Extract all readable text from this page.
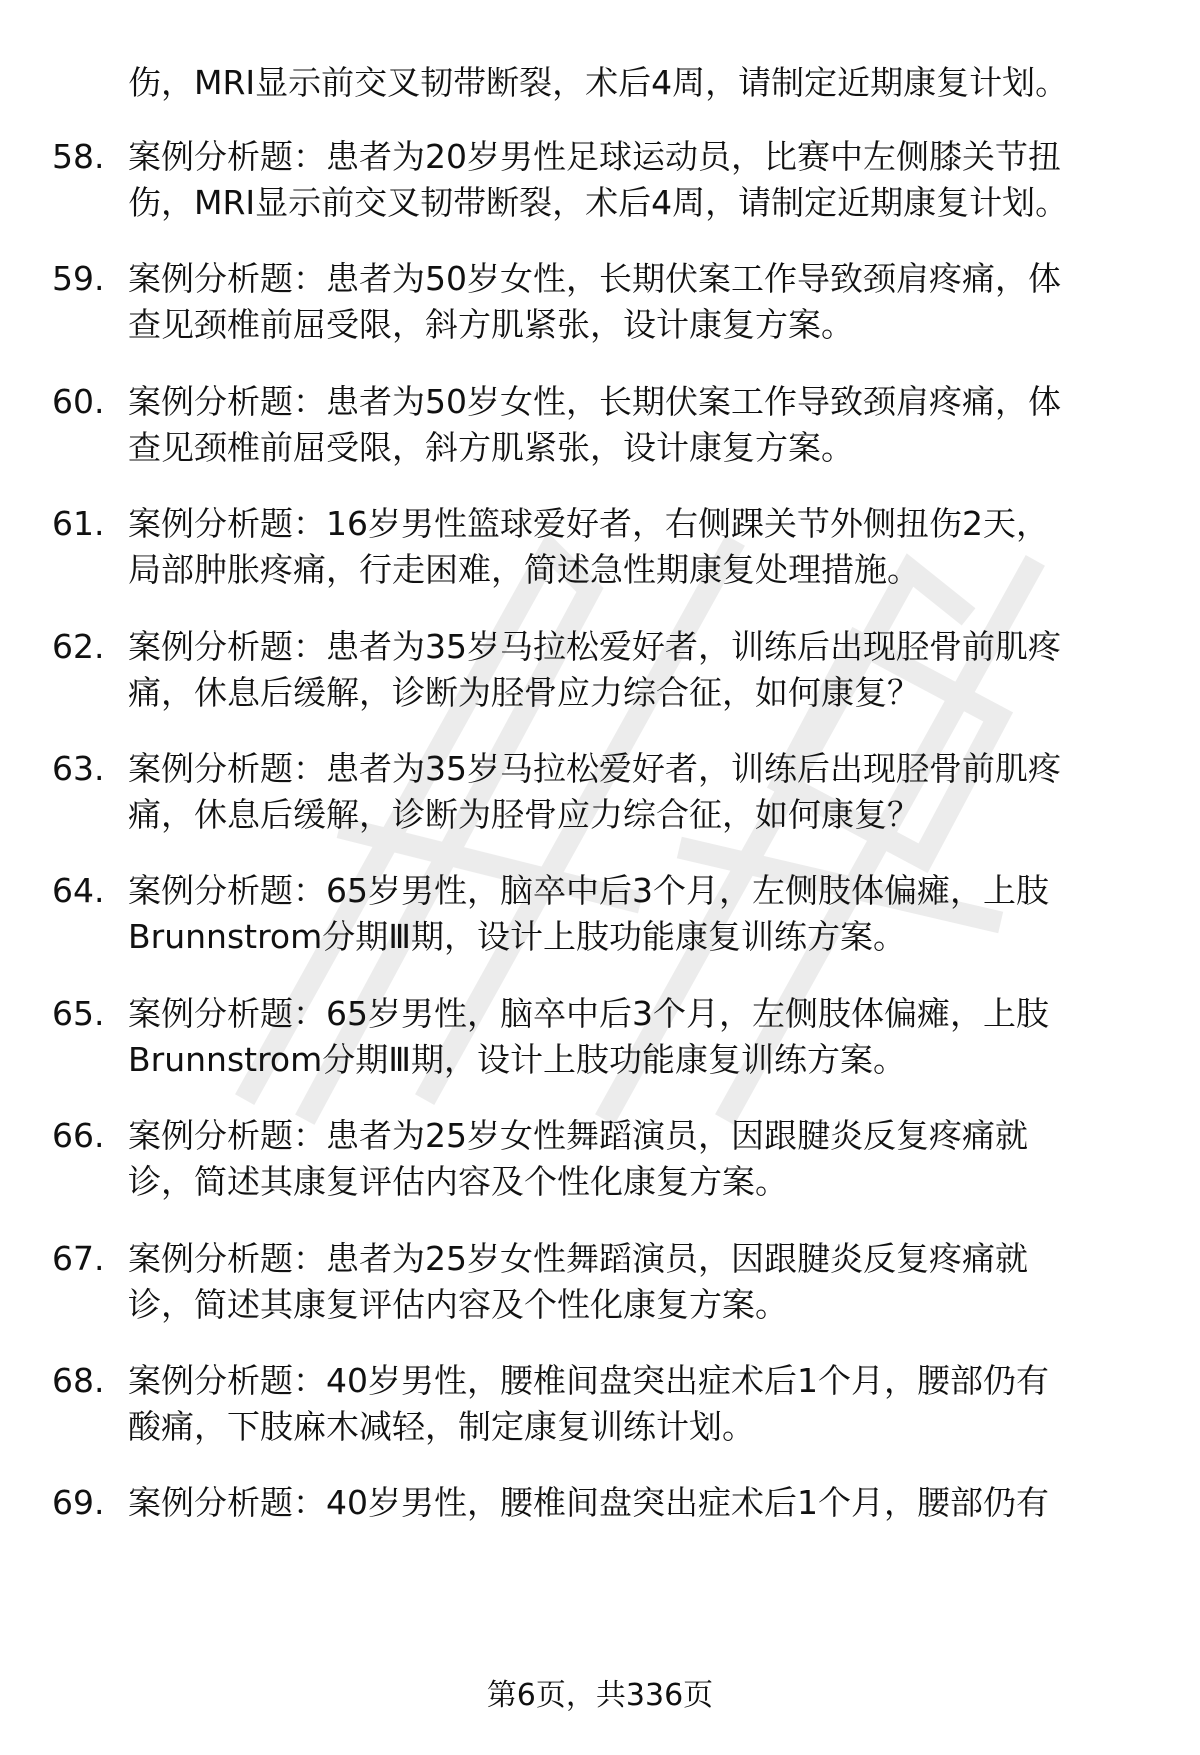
伤，MRI显示前交叉韧带断裂，术后4周，请制定近期康复计划。
58. 案例分析题：患者为20岁男性足球运动员，比赛中左侧膝关节扭
伤，MRI显示前交叉韧带断裂，术后4周，请制定近期康复计划。
59. 案例分析题：患者为50岁女性，长期伏案工作导致颈肩疼痛，体
查见颈椎前屈受限，斜方肌紧张，设计康复方案。
60. 案例分析题：患者为50岁女性，长期伏案工作导致颈肩疼痛，体
查见颈椎前屈受限，斜方肌紧张，设计康复方案。
61. 案例分析题：16岁男性篮球爱好者，右侧踝关节外侧扭伤2天，
局部肿胀疼痛，行走困难，简述急性期康复处理措施。
62. 案例分析题：患者为35岁马拉松爱好者，训练后出现胫骨前肌疼
痛，休息后缓解，诊断为胫骨应力综合征，如何康复？
63. 案例分析题：患者为35岁马拉松爱好者，训练后出现胫骨前肌疼
痛，休息后缓解，诊断为胫骨应力综合征，如何康复？
64. 案例分析题：65岁男性，脑卒中后3个月，左侧肢体偏瘫，上肢
Brunnstrom分期Ⅲ期，设计上肢功能康复训练方案。
65. 案例分析题：65岁男性，脑卒中后3个月，左侧肢体偏瘫，上肢
Brunnstrom分期Ⅲ期，设计上肢功能康复训练方案。
66. 案例分析题：患者为25岁女性舞蹈演员，因跟腱炎反复疼痛就
诊，简述其康复评估内容及个性化康复方案。
67. 案例分析题：患者为25岁女性舞蹈演员，因跟腱炎反复疼痛就
诊，简述其康复评估内容及个性化康复方案。
68. 案例分析题：40岁男性，腰椎间盘突出症术后1个月，腰部仍有
酸痛，下肢麻木减轻，制定康复训练计划。
69. 案例分析题：40岁男性，腰椎间盘突出症术后1个月，腰部仍有
第6页，共336页
